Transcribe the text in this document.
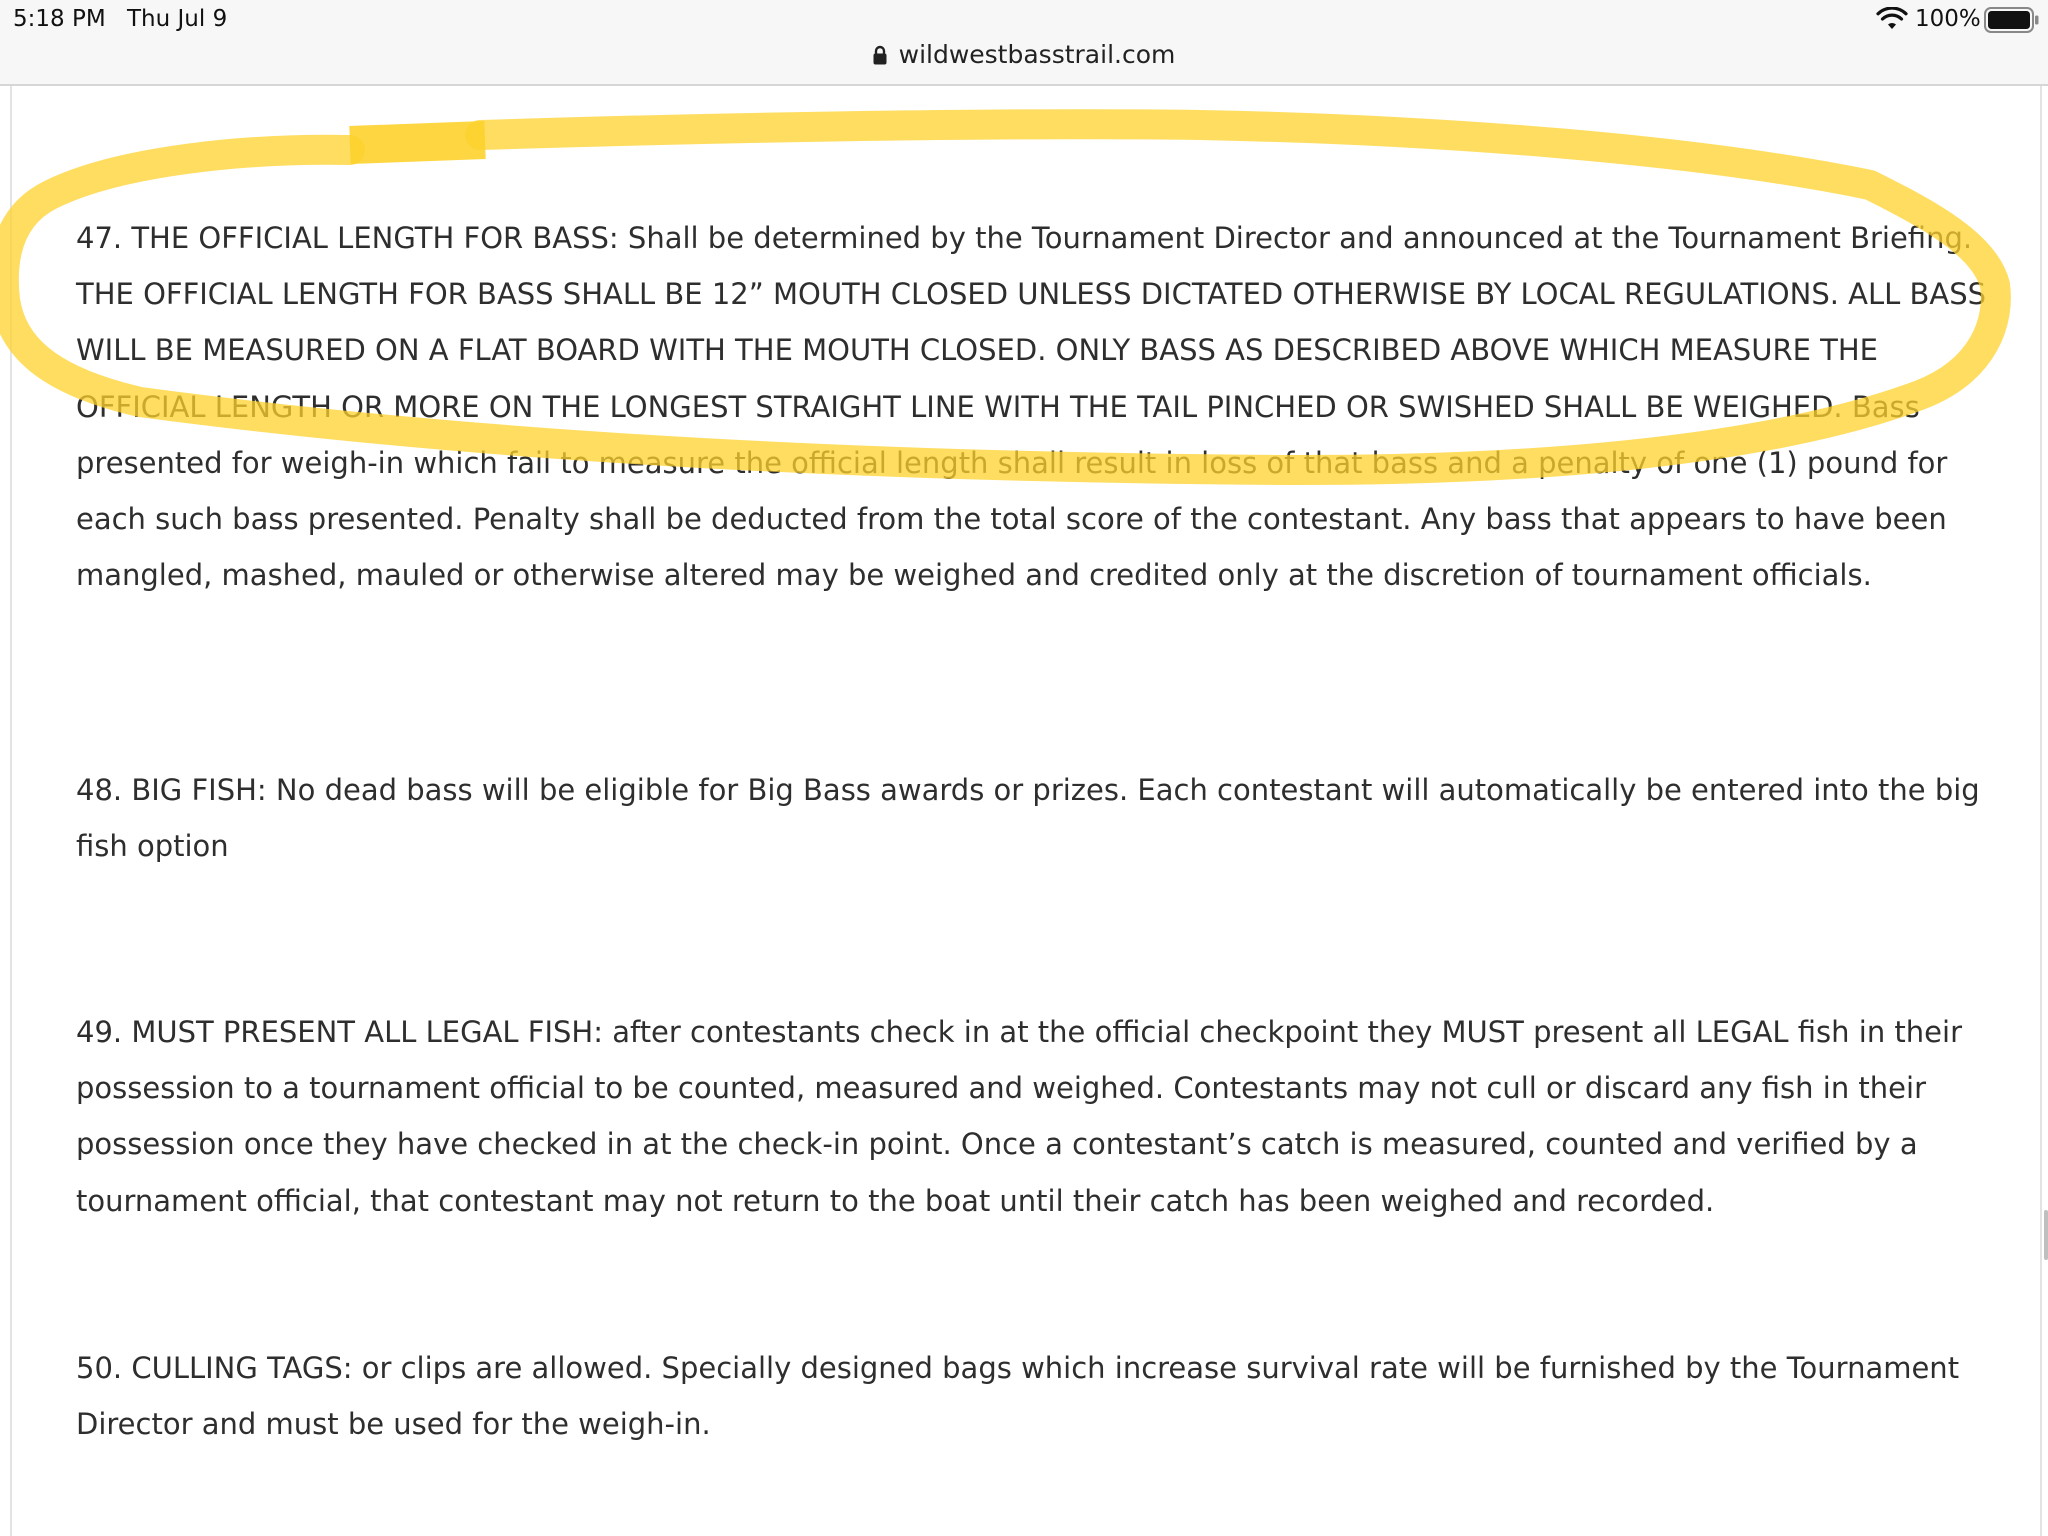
5:18 PM Thu Jul 9	100%
wildwestbasstrail.com

47. THE OFFICIAL LENGTH FOR BASS: Shall be determined by the Tournament Director and announced at the Tournament Briefing. THE OFFICIAL LENGTH FOR BASS SHALL BE 12” MOUTH CLOSED UNLESS DICTATED OTHERWISE BY LOCAL REGULATIONS. ALL BASS WILL BE MEASURED ON A FLAT BOARD WITH THE MOUTH CLOSED. ONLY BASS AS DESCRIBED ABOVE WHICH MEASURE THE OFFICIAL LENGTH OR MORE ON THE LONGEST STRAIGHT LINE WITH THE TAIL PINCHED OR SWISHED SHALL BE WEIGHED. Bass presented for weigh-in which fail to measure the official length shall result in loss of that bass and a penalty of one (1) pound for each such bass presented. Penalty shall be deducted from the total score of the contestant. Any bass that appears to have been mangled, mashed, mauled or otherwise altered may be weighed and credited only at the discretion of tournament officials.

48. BIG FISH: No dead bass will be eligible for Big Bass awards or prizes. Each contestant will automatically be entered into the big fish option

49. MUST PRESENT ALL LEGAL FISH: after contestants check in at the official checkpoint they MUST present all LEGAL fish in their possession to a tournament official to be counted, measured and weighed. Contestants may not cull or discard any fish in their possession once they have checked in at the check-in point. Once a contestant’s catch is measured, counted and verified by a tournament official, that contestant may not return to the boat until their catch has been weighed and recorded.

50. CULLING TAGS: or clips are allowed. Specially designed bags which increase survival rate will be furnished by the Tournament Director and must be used for the weigh-in.
